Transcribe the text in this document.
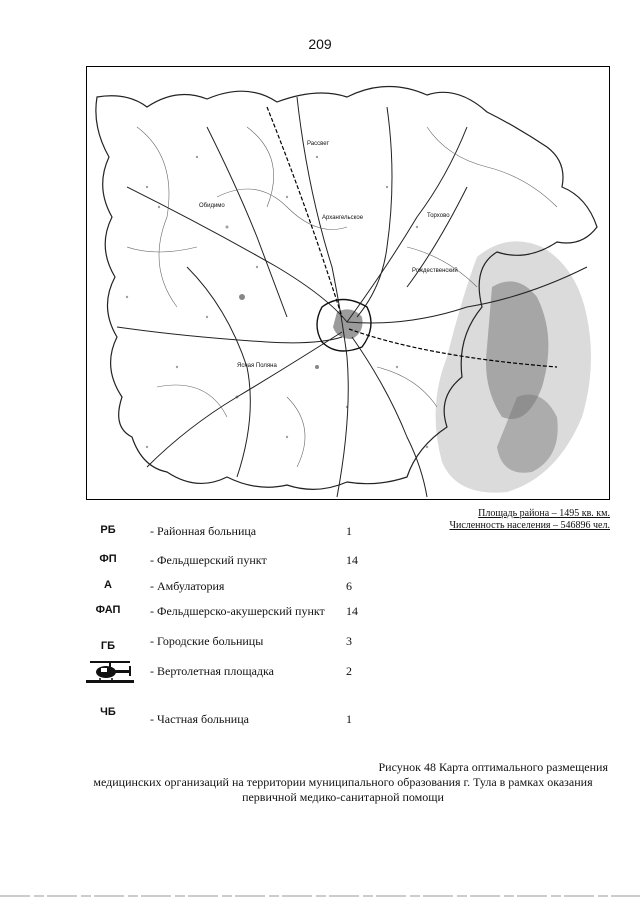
209
Обидимо
Рассвет
Архангельское	Торхово
Ясная Поляна
Рождественский
Площадь района – 1495 кв. км.
Численность населения – 546896 чел.
РБ	- Районная больница	1
ФП	- Фельдшерский пункт	14
А	- Амбулатория	6
ФАП	- Фельдшерско-акушерский пункт 14
ГБ	- Городские больницы	3
- Вертолетная площадка	2
ЧБ	- Частная больница	1
Рисунок 48 Карта оптимального размещения
медицинских организаций на территории муниципального образования г. Тула в рамках оказания
первичной медико-санитарной помощи
